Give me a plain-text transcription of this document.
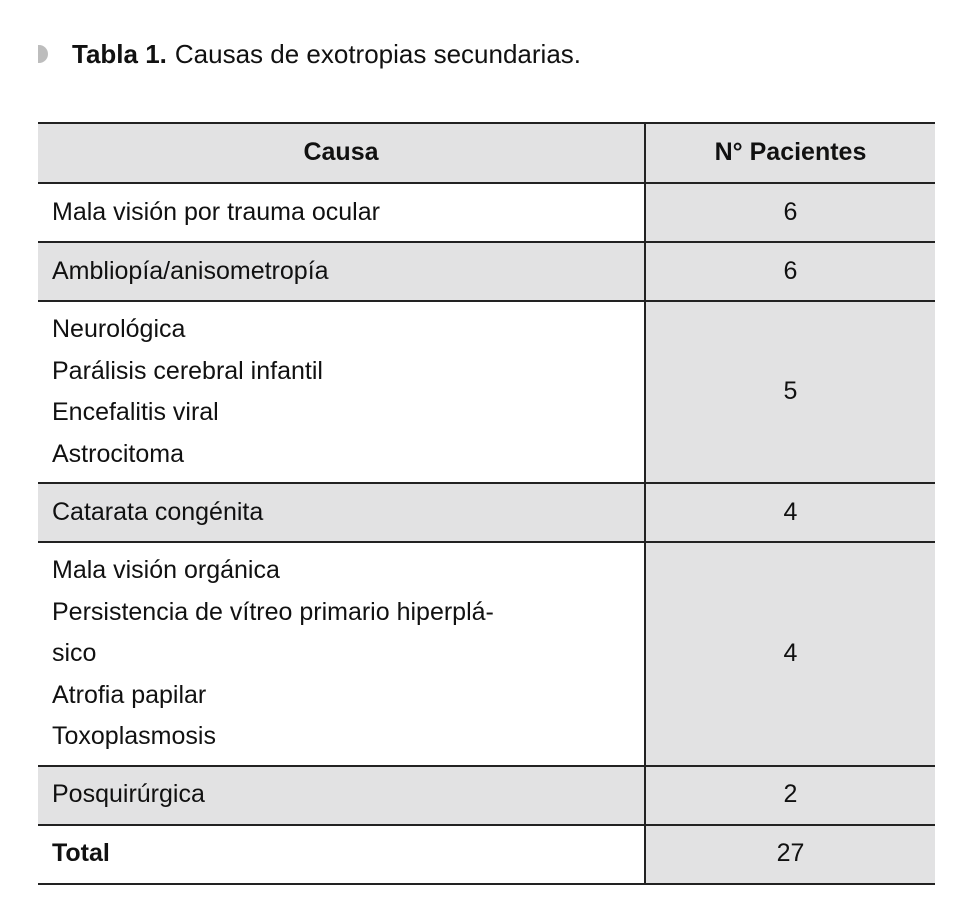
Tabla 1. Causas de exotropias secundarias.
Causa	N° Pacientes

Mala visión por trauma ocular	6

Ambliopía/anisometropía	6

Neurológica
Parálisis cerebral infantil
Encefalitis viral
Astrocitoma	5

Catarata congénita	4

Mala visión orgánica
Persistencia de vítreo primario hiperplá-
sico
Atrofia papilar
Toxoplasmosis	4

Posquirúrgica	2
Total	27
